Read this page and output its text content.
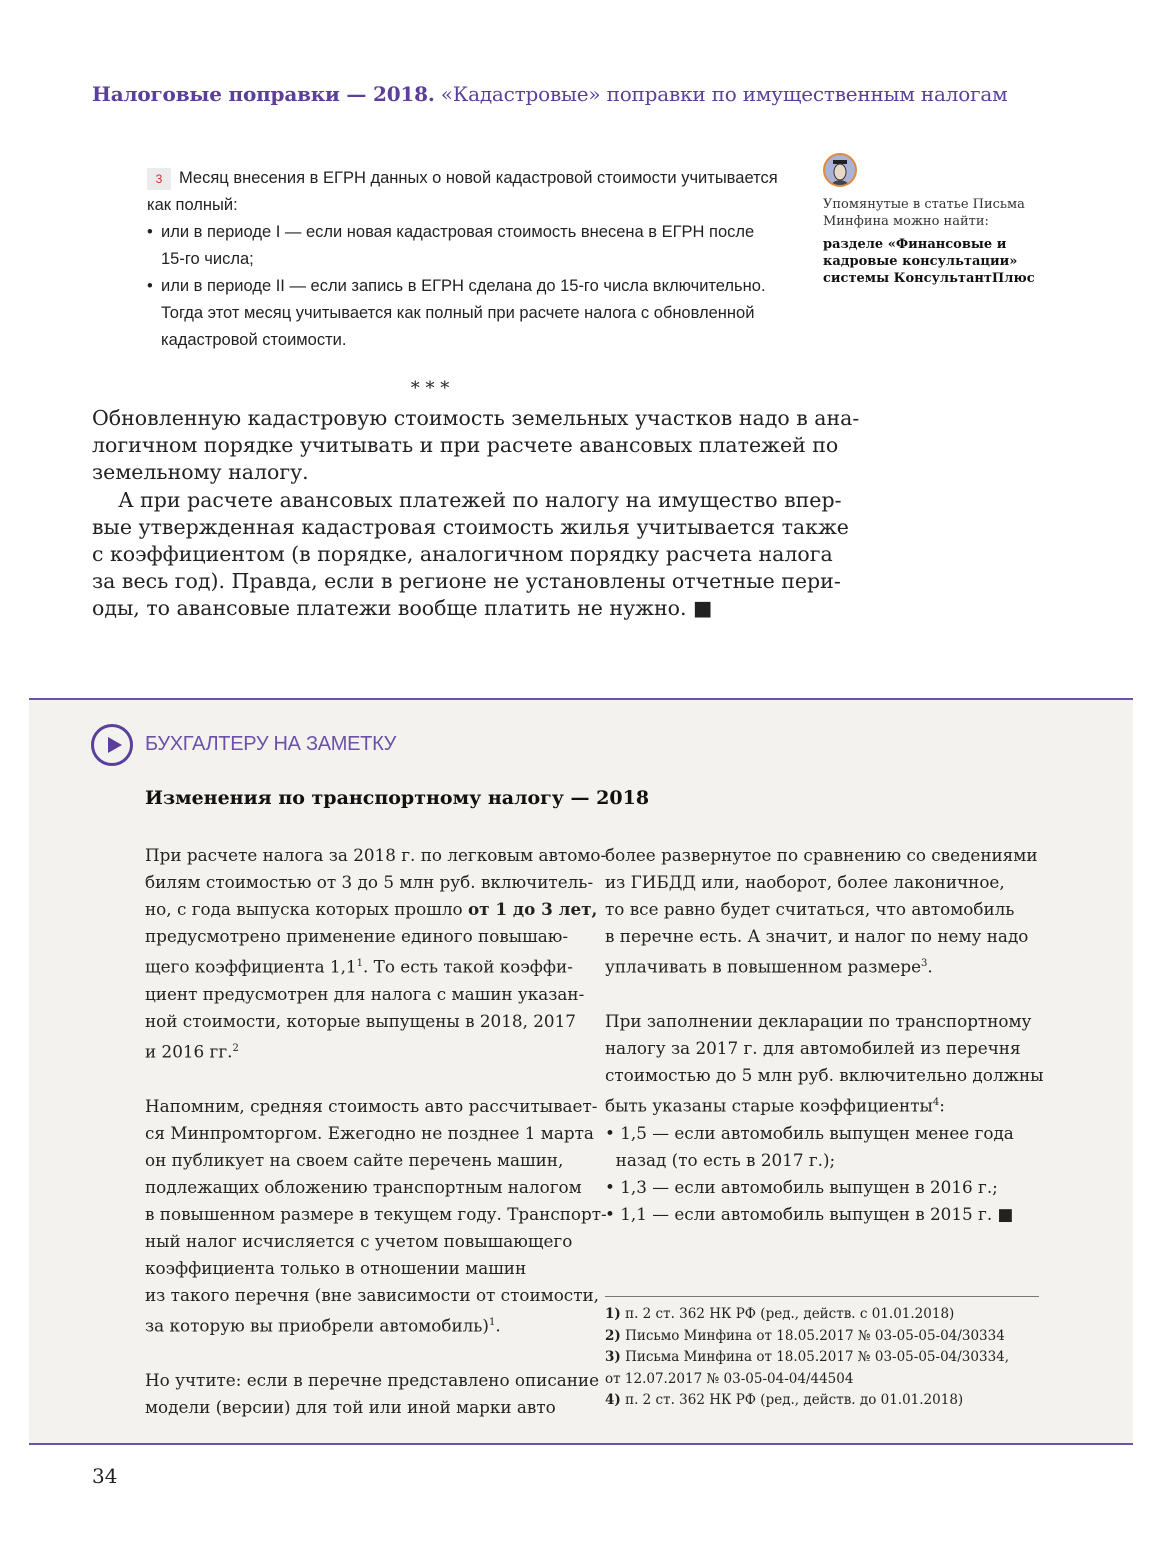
Налоговые поправки — 2018. «Кадастровые» поправки по имущественным налогам
3 Месяц внесения в ЕГРН данных о новой кадастровой стоимости учитывается
как полный:
• или в периоде I — если новая кадастровая стоимость внесена в ЕГРН после
15-го числа;
• или в периоде II — если запись в ЕГРН сделана до 15-го числа включительно.
Тогда этот месяц учитывается как полный при расчете налога с обновленной
кадастровой стоимости.
Упомянутые в статье Письма Минфина можно найти:
разделе «Финансовые и кадровые консультации» системы КонсультантПлюс
* * *
Обновленную кадастровую стоимость земельных участков надо в ана-
логичном порядке учитывать и при расчете авансовых платежей по
земельному налогу.
А при расчете авансовых платежей по налогу на имущество впер-
вые утвержденная кадастровая стоимость жилья учитывается также
с коэффициентом (в порядке, аналогичном порядку расчета налога
за весь год). Правда, если в регионе не установлены отчетные пери-
оды, то авансовые платежи вообще платить не нужно. ■
БУХГАЛТЕРУ НА ЗАМЕТКУ
Изменения по транспортному налогу — 2018
При расчете налога за 2018 г. по легковым автомо-
билям стоимостью от 3 до 5 млн руб. включитель-
но, с года выпуска которых прошло от 1 до 3 лет,
предусмотрено применение единого повышаю-
щего коэффициента $1,1^1$. То есть такой коэффи-
циент предусмотрен для налога с машин указан-
ной стоимости, которые выпущены в 2018, 2017
и 2016 гг.$^2$
Напомним, средняя стоимость авто рассчитывает-
ся Минпромторгом. Ежегодно не позднее 1 марта
он публикует на своем сайте перечень машин,
подлежащих обложению транспортным налогом
в повышенном размере в текущем году. Транспорт-
ный налог исчисляется с учетом повышающего
коэффициента только в отношении машин
из такого перечня (вне зависимости от стоимости,
за которую вы приобрели автомобиль)$^1$.
Но учтите: если в перечне представлено описание
модели (версии) для той или иной марки авто
более развернутое по сравнению со сведениями
из ГИБДД или, наоборот, более лаконичное,
то все равно будет считаться, что автомобиль
в перечне есть. А значит, и налог по нему надо
уплачивать в повышенном размере$^3$.
При заполнении декларации по транспортному
налогу за 2017 г. для автомобилей из перечня
стоимостью до 5 млн руб. включительно должны
быть указаны старые коэффициенты$^4$:
• 1,5 — если автомобиль выпущен менее года
назад (то есть в 2017 г.);
• 1,3 — если автомобиль выпущен в 2016 г.;
• 1,1 — если автомобиль выпущен в 2015 г. ■
1) п. 2 ст. 362 НК РФ (ред., действ. с 01.01.2018)
2) Письмо Минфина от 18.05.2017 № 03-05-05-04/30334
3) Письма Минфина от 18.05.2017 № 03-05-05-04/30334,
от 12.07.2017 № 03-05-04-04/44504
4) п. 2 ст. 362 НК РФ (ред., действ. до 01.01.2018)
34
